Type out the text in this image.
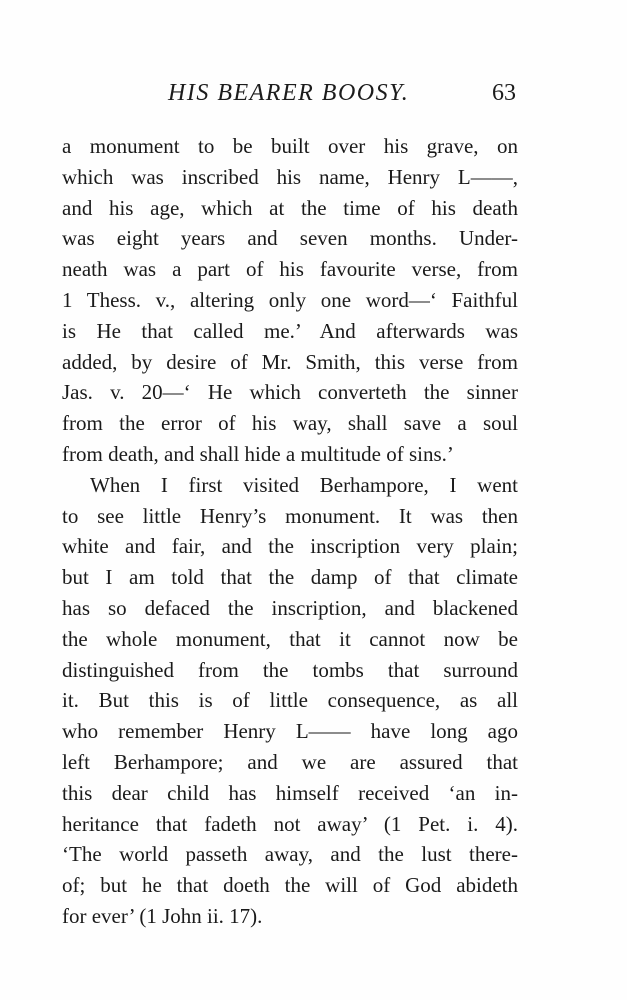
HIS BEARER BOOSY.	63
a monument to be built over his grave, on
which was inscribed his name, Henry L——,
and his age, which at the time of his death
was eight years and seven months. Under-
neath was a part of his favourite verse, from
1 Thess. v., altering only one word—‘ Faithful
is He that called me.’ And afterwards was
added, by desire of Mr. Smith, this verse from
Jas. v. 20—‘ He which converteth the sinner
from the error of his way, shall save a soul
from death, and shall hide a multitude of sins.’
When I first visited Berhampore, I went
to see little Henry’s monument. It was then
white and fair, and the inscription very plain;
but I am told that the damp of that climate
has so defaced the inscription, and blackened
the whole monument, that it cannot now be
distinguished from the tombs that surround
it. But this is of little consequence, as all
who remember Henry L—— have long ago
left Berhampore; and we are assured that
this dear child has himself received ‘an in-
heritance that fadeth not away’ (1 Pet. i. 4).
‘The world passeth away, and the lust there-
of; but he that doeth the will of God abideth
for ever’ (1 John ii. 17).
